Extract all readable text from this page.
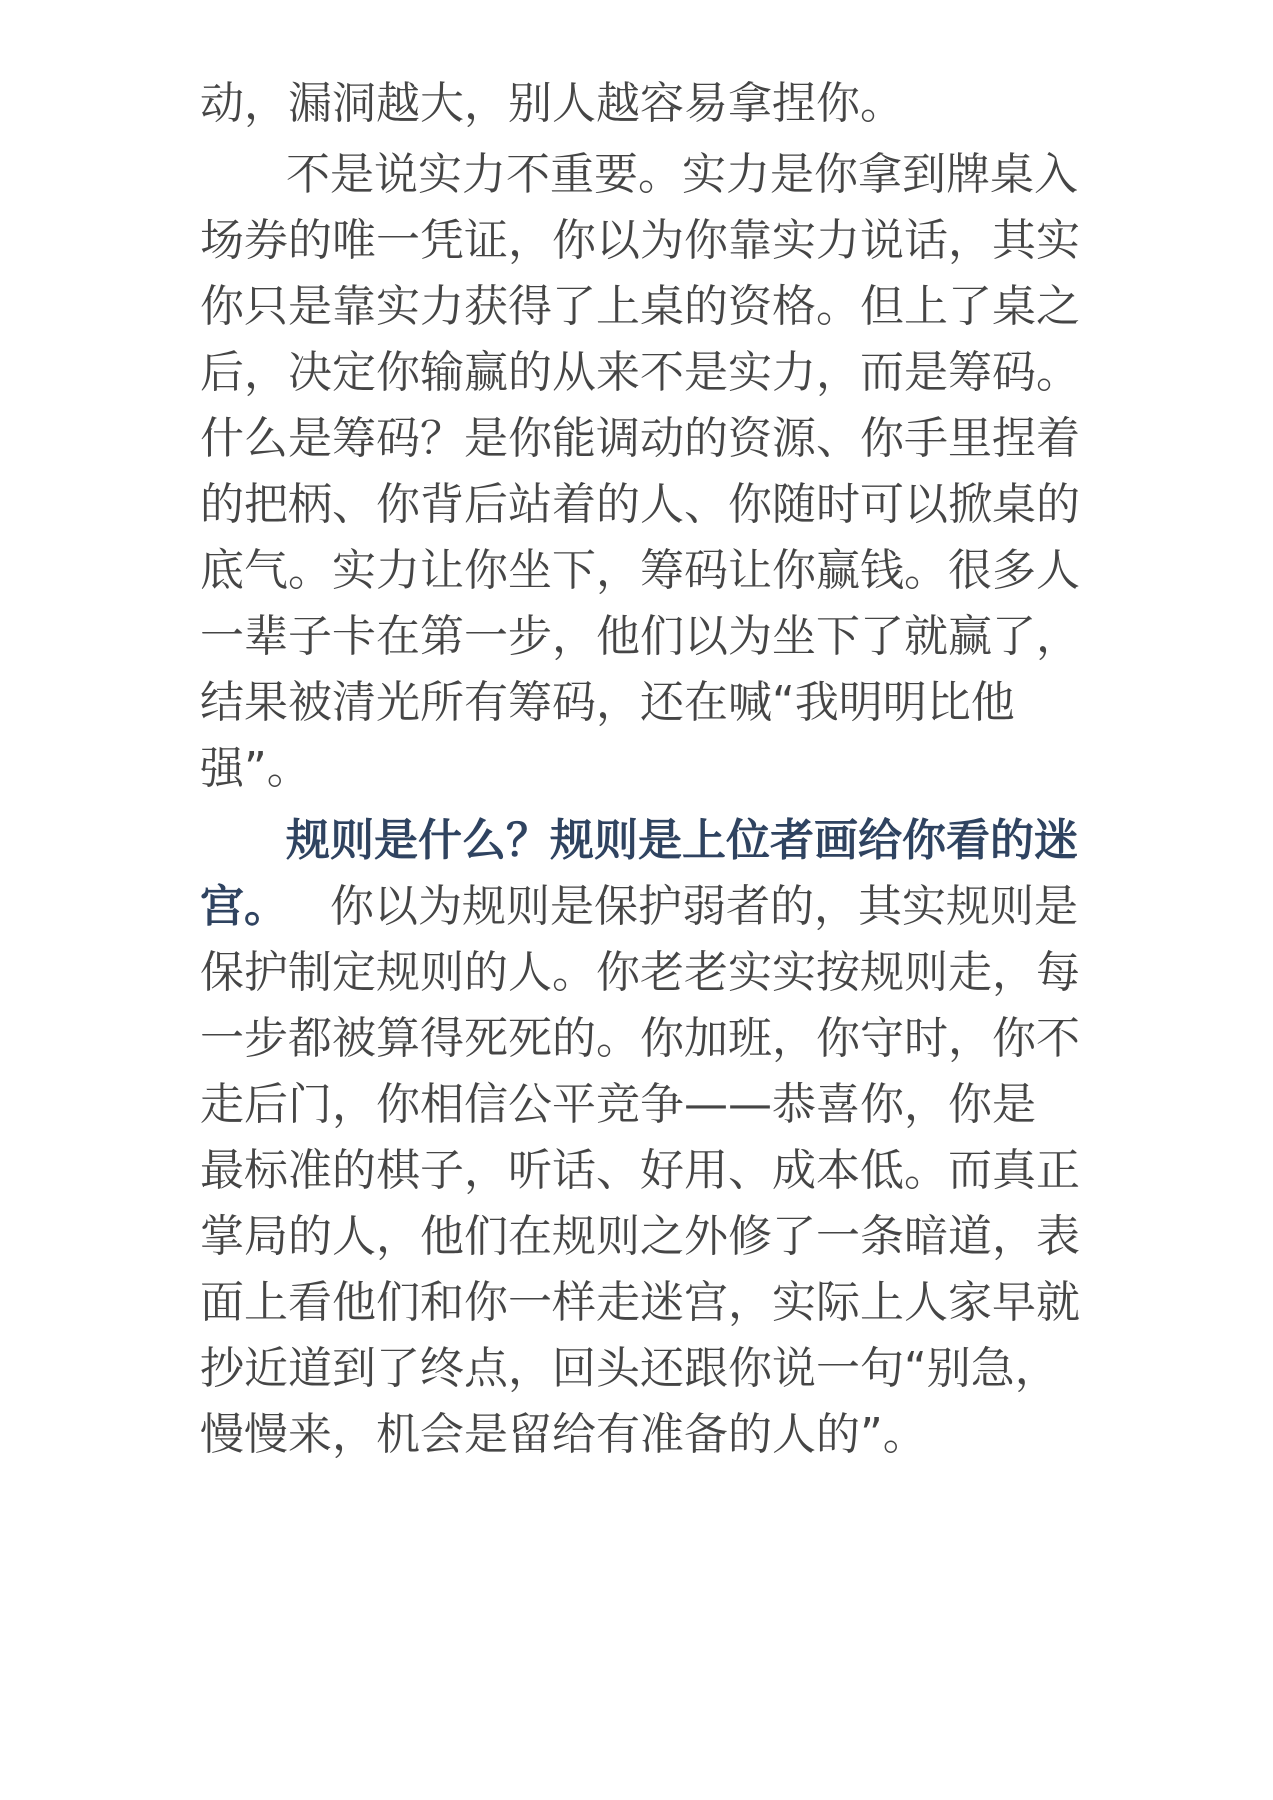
动，漏洞越大，别人越容易拿捏你。
不是说实力不重要。实力是你拿到牌桌入
场券的唯一凭证，你以为你靠实力说话，其实
你只是靠实力获得了上桌的资格。但上了桌之
后，决定你输赢的从来不是实力，而是筹码。
什么是筹码？是你能调动的资源、你手里捏着
的把柄、你背后站着的人、你随时可以掀桌的
底气。实力让你坐下，筹码让你赢钱。很多人
一辈子卡在第一步，他们以为坐下了就赢了，
结果被清光所有筹码，还在喊“我明明比他
强”。
规则是什么？规则是上位者画给你看的迷
宫。 你以为规则是保护弱者的，其实规则是
保护制定规则的人。你老老实实按规则走，每
一步都被算得死死的。你加班，你守时，你不
走后门，你相信公平竞争——恭喜你，你是
最标准的棋子，听话、好用、成本低。而真正
掌局的人，他们在规则之外修了一条暗道，表
面上看他们和你一样走迷宫，实际上人家早就
抄近道到了终点，回头还跟你说一句“别急，
慢慢来，机会是留给有准备的人的”。
